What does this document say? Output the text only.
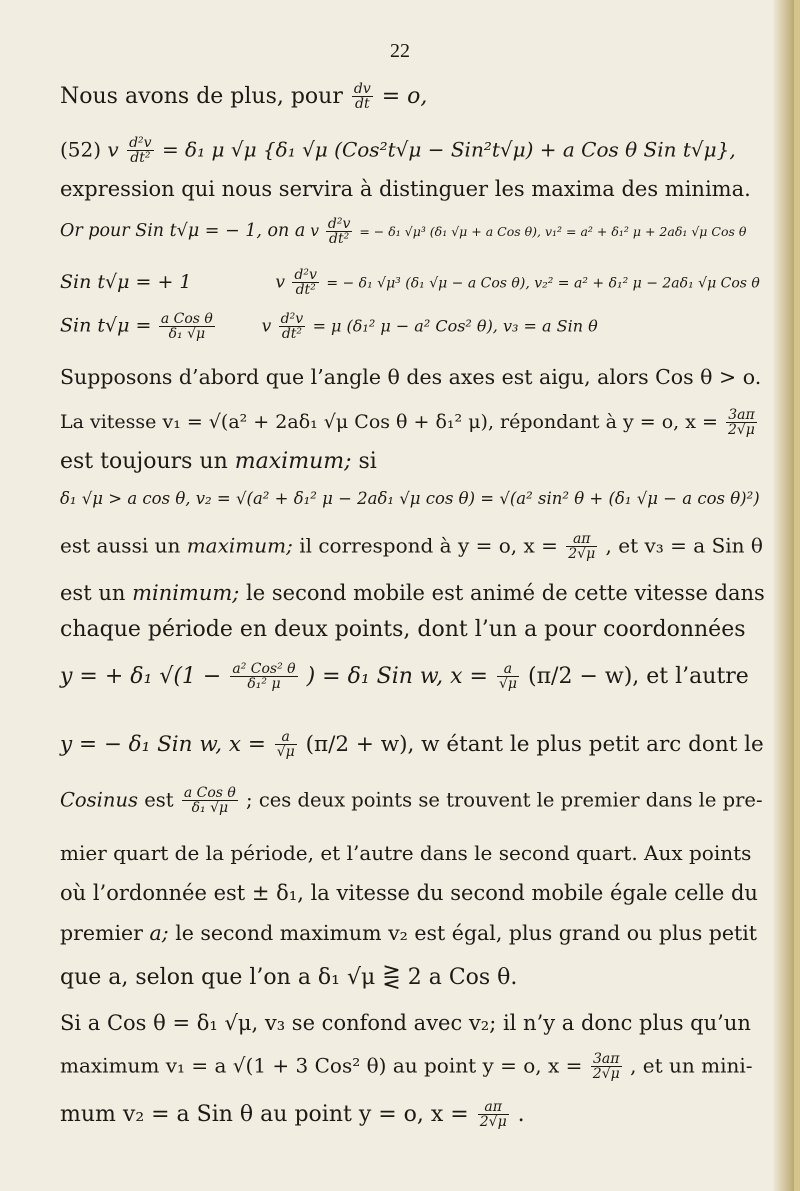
22
Nous avons de plus, pour $\frac{dv}{dt} = o$,
(52) v $\frac{\text{d²v}}{\text{dt²}} = \delta_1$ μ √μ {δ₁ √μ (Cos²t√μ − Sin²t√μ) + a Cos θ Sin t√μ},
expression qui nous servira à distinguer les maxima des minima.
Or pour Sin t√μ = − 1, on a v $\frac{\text{d²v}}{\text{dt²}}$ = − δ₁ √μ³ (δ₁ √μ + a Cos θ), v₁² = a² + δ₁² μ + 2aδ₁ √μ Cos θ
Sin t√μ = + 1	v $\frac{\text{d²v}}{\text{dt²}}$ = − δ₁ √μ³ (δ₁ √μ − a Cos θ), v₂² = a² + δ₁² μ − 2aδ₁ √μ Cos θ
Sin $t√\mu = \frac{\text{a Cos θ}}{\text{δ₁ √μ}}$	v $\frac{\text{d²v}}{\text{dt²}} = \mu$ (δ₁² μ − a² Cos² θ), v₃ = a Sin θ
Supposons d’abord que l’angle θ des axes est aigu, alors Cos θ > o.
La vitesse v₁ = √(a² + 2aδ₁ √μ Cos θ + δ₁² μ), répondant à y = o, $x = \frac{3a\pi}{2√\mu}$
est toujours un maximum; si
δ₁ √μ > a cos θ, v₂ = √(a² + δ₁² μ − 2aδ₁ √μ cos θ) = √(a² sin² θ + (δ₁ √μ − a cos θ)²)
est aussi un maximum; il correspond à y = o, $x = \frac{a\pi}{2√\mu}$ , et v₃ = a Sin θ
est un minimum; le second mobile est animé de cette vitesse dans
chaque période en deux points, dont l’un a pour coordonnées
y = + δ₁ $√(1 - \frac{\text{a² Cos² θ}}{\text{δ₁² μ}}$ ) = δ₁ Sin w, $x = \frac{a}{√\mu} (\pi/2 - w)$, et l’autre
y = − δ₁ Sin w, $x = \frac{a}{√\mu} (\pi/2 + w)$, w étant le plus petit arc dont le
Cosinus est $\frac{\text{a Cos θ}}{\text{δ₁ √μ}}$ ; ces deux points se trouvent le premier dans le pre-
mier quart de la période, et l’autre dans le second quart. Aux points
où l’ordonnée est ± δ₁, la vitesse du second mobile égale celle du
premier a; le second maximum v₂ est égal, plus grand ou plus petit
que a, selon que l’on a δ₁ √μ ⋛ 2 a Cos θ.
Si a Cos θ = δ₁ √μ, v₃ se confond avec v₂; il n’y a donc plus qu’un
maximum v₁ = a √(1 + 3 Cos² θ) au point y = o, $x = \frac{3a\pi}{2√\mu}$ , et un mini-
mum v₂ = a Sin θ au point y = o, $x = \frac{a\pi}{2√\mu}$ .
